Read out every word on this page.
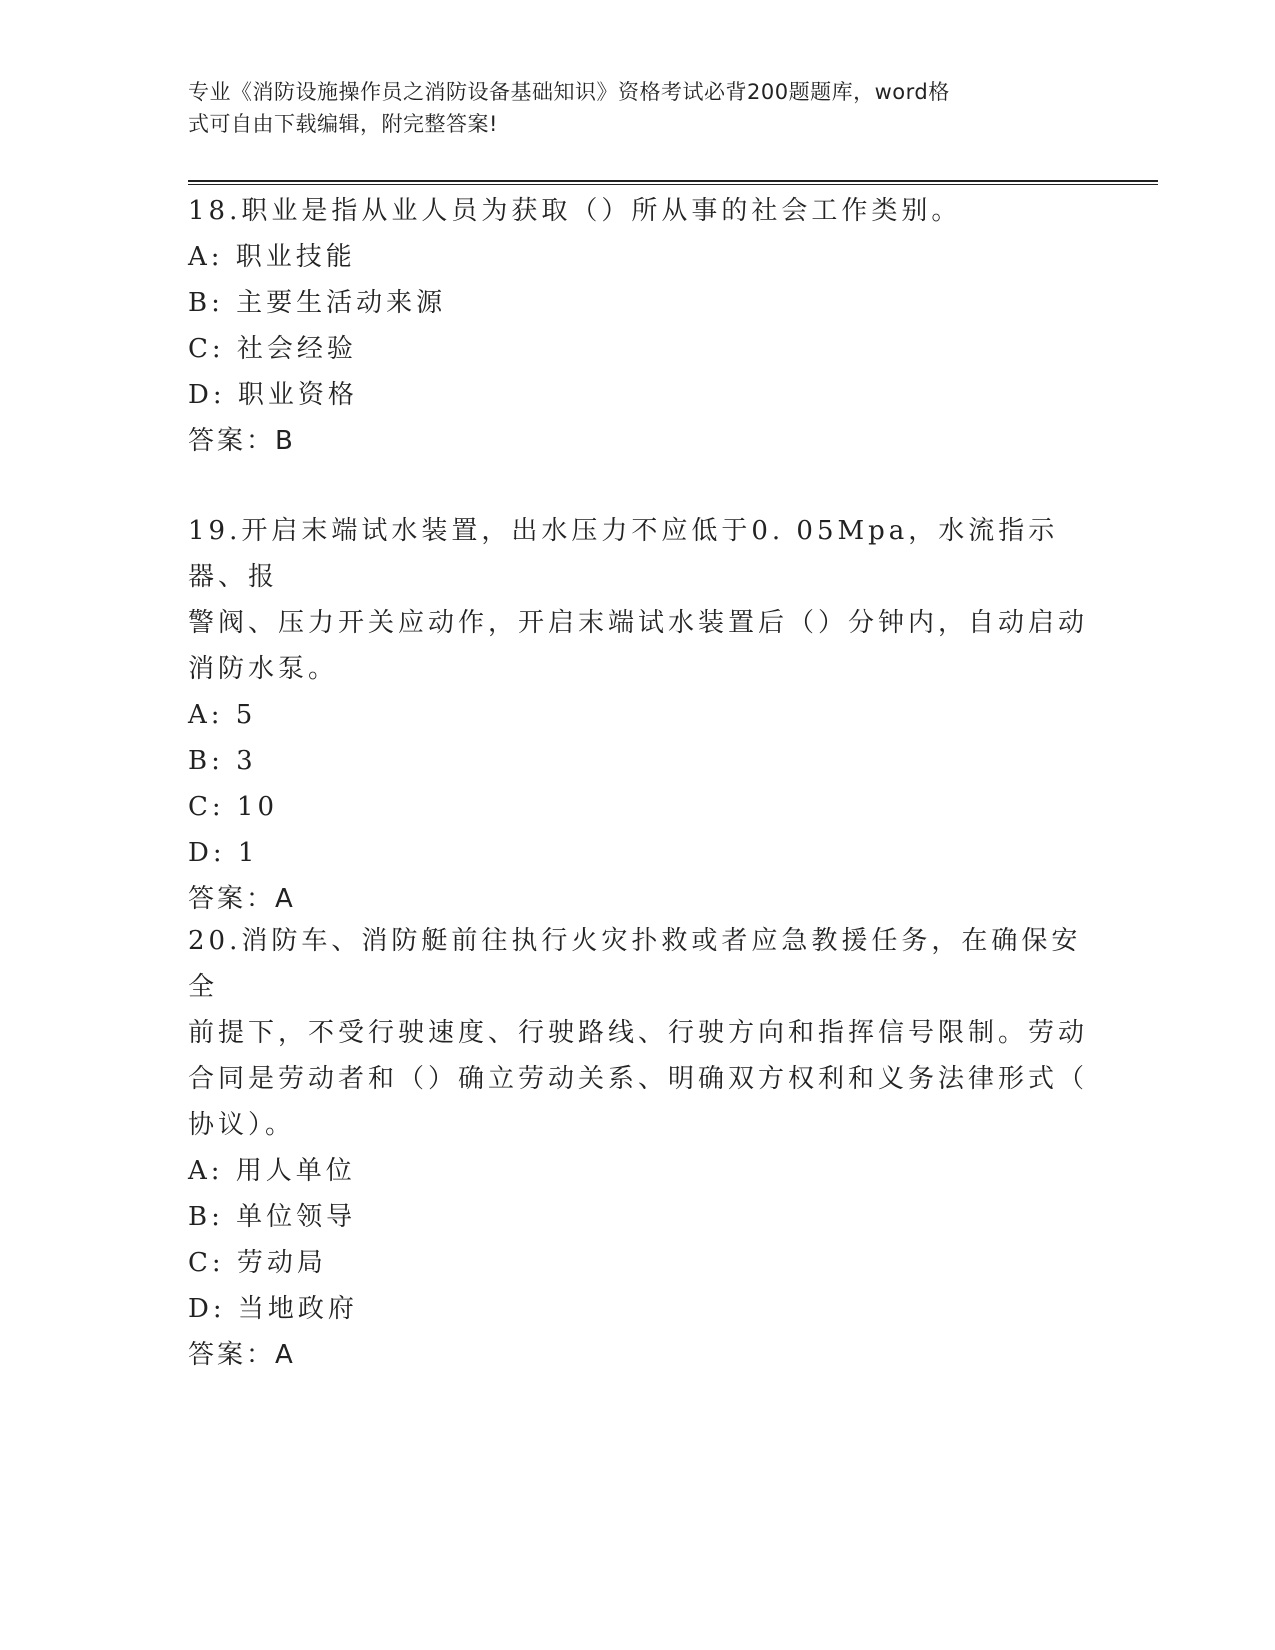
专业《消防设施操作员之消防设备基础知识》资格考试必背200题题库，word格
式可自由下载编辑，附完整答案!

18.职业是指从业人员为获取（）所从事的社会工作类别。

A: 职业技能

B: 主要生活动来源

C: 社会经验

D: 职业资格

答案：B

19.开启末端试水装置，出水压力不应低于0. 05Mpa，水流指示器、报

警阀、压力开关应动作，开启末端试水装置后（）分钟内，自动启动

消防水泵。

A: 5

B: 3

C: 10

D: 1

答案：A

20.消防车、消防艇前往执行火灾扑救或者应急教援任务，在确保安全

前提下，不受行驶速度、行驶路线、行驶方向和指挥信号限制。劳动

合同是劳动者和（）确立劳动关系、明确双方权利和义务法律形式（

协议）。

A: 用人单位

B: 单位领导

C: 劳动局

D: 当地政府

答案：A
